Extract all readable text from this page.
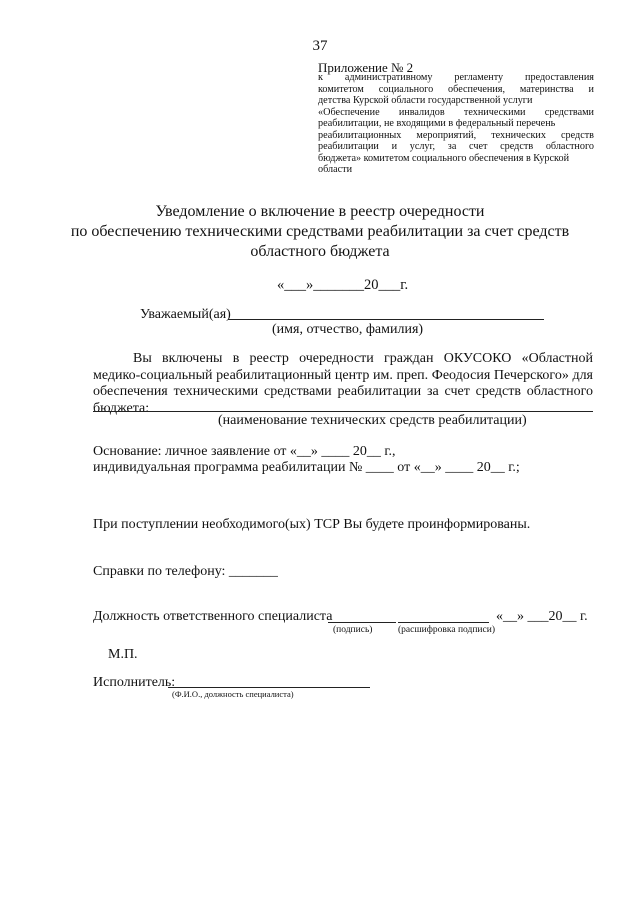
37
Приложение № 2
к административному регламенту предоставления
комитетом социального обеспечения, материнства и
детства Курской области государственной услуги
«Обеспечение инвалидов техническими средствами
реабилитации, не входящими в федеральный перечень
реабилитационных мероприятий, технических средств
реабилитации и услуг, за счет средств областного
бюджета» комитетом социального обеспечения в Курской
области
Уведомление о включение в реестр очередности
по обеспечению техническими средствами реабилитации за счет средств
областного бюджета
«___»_______20___г.
Уважаемый(ая)
(имя, отчество, фамилия)
Вы включены в реестр очередности граждан ОКУСОКО «Областной медико-социальный реабилитационный центр им. преп. Феодосия Печерского» для обеспечения техническими средствами реабилитации за счет средств областного бюджета:
(наименование технических средств реабилитации)
Основание: личное заявление от «__» ____ 20__ г.,
индивидуальная программа реабилитации № ____ от «__» ____ 20__ г.;
При поступлении необходимого(ых) ТСР Вы будете проинформированы.
Справки по телефону: _______
Должность ответственного специалиста	«__» ___20__ г.
(подпись)	(расшифровка подписи)
М.П.
Исполнитель:
(Ф.И.О., должность специалиста)
